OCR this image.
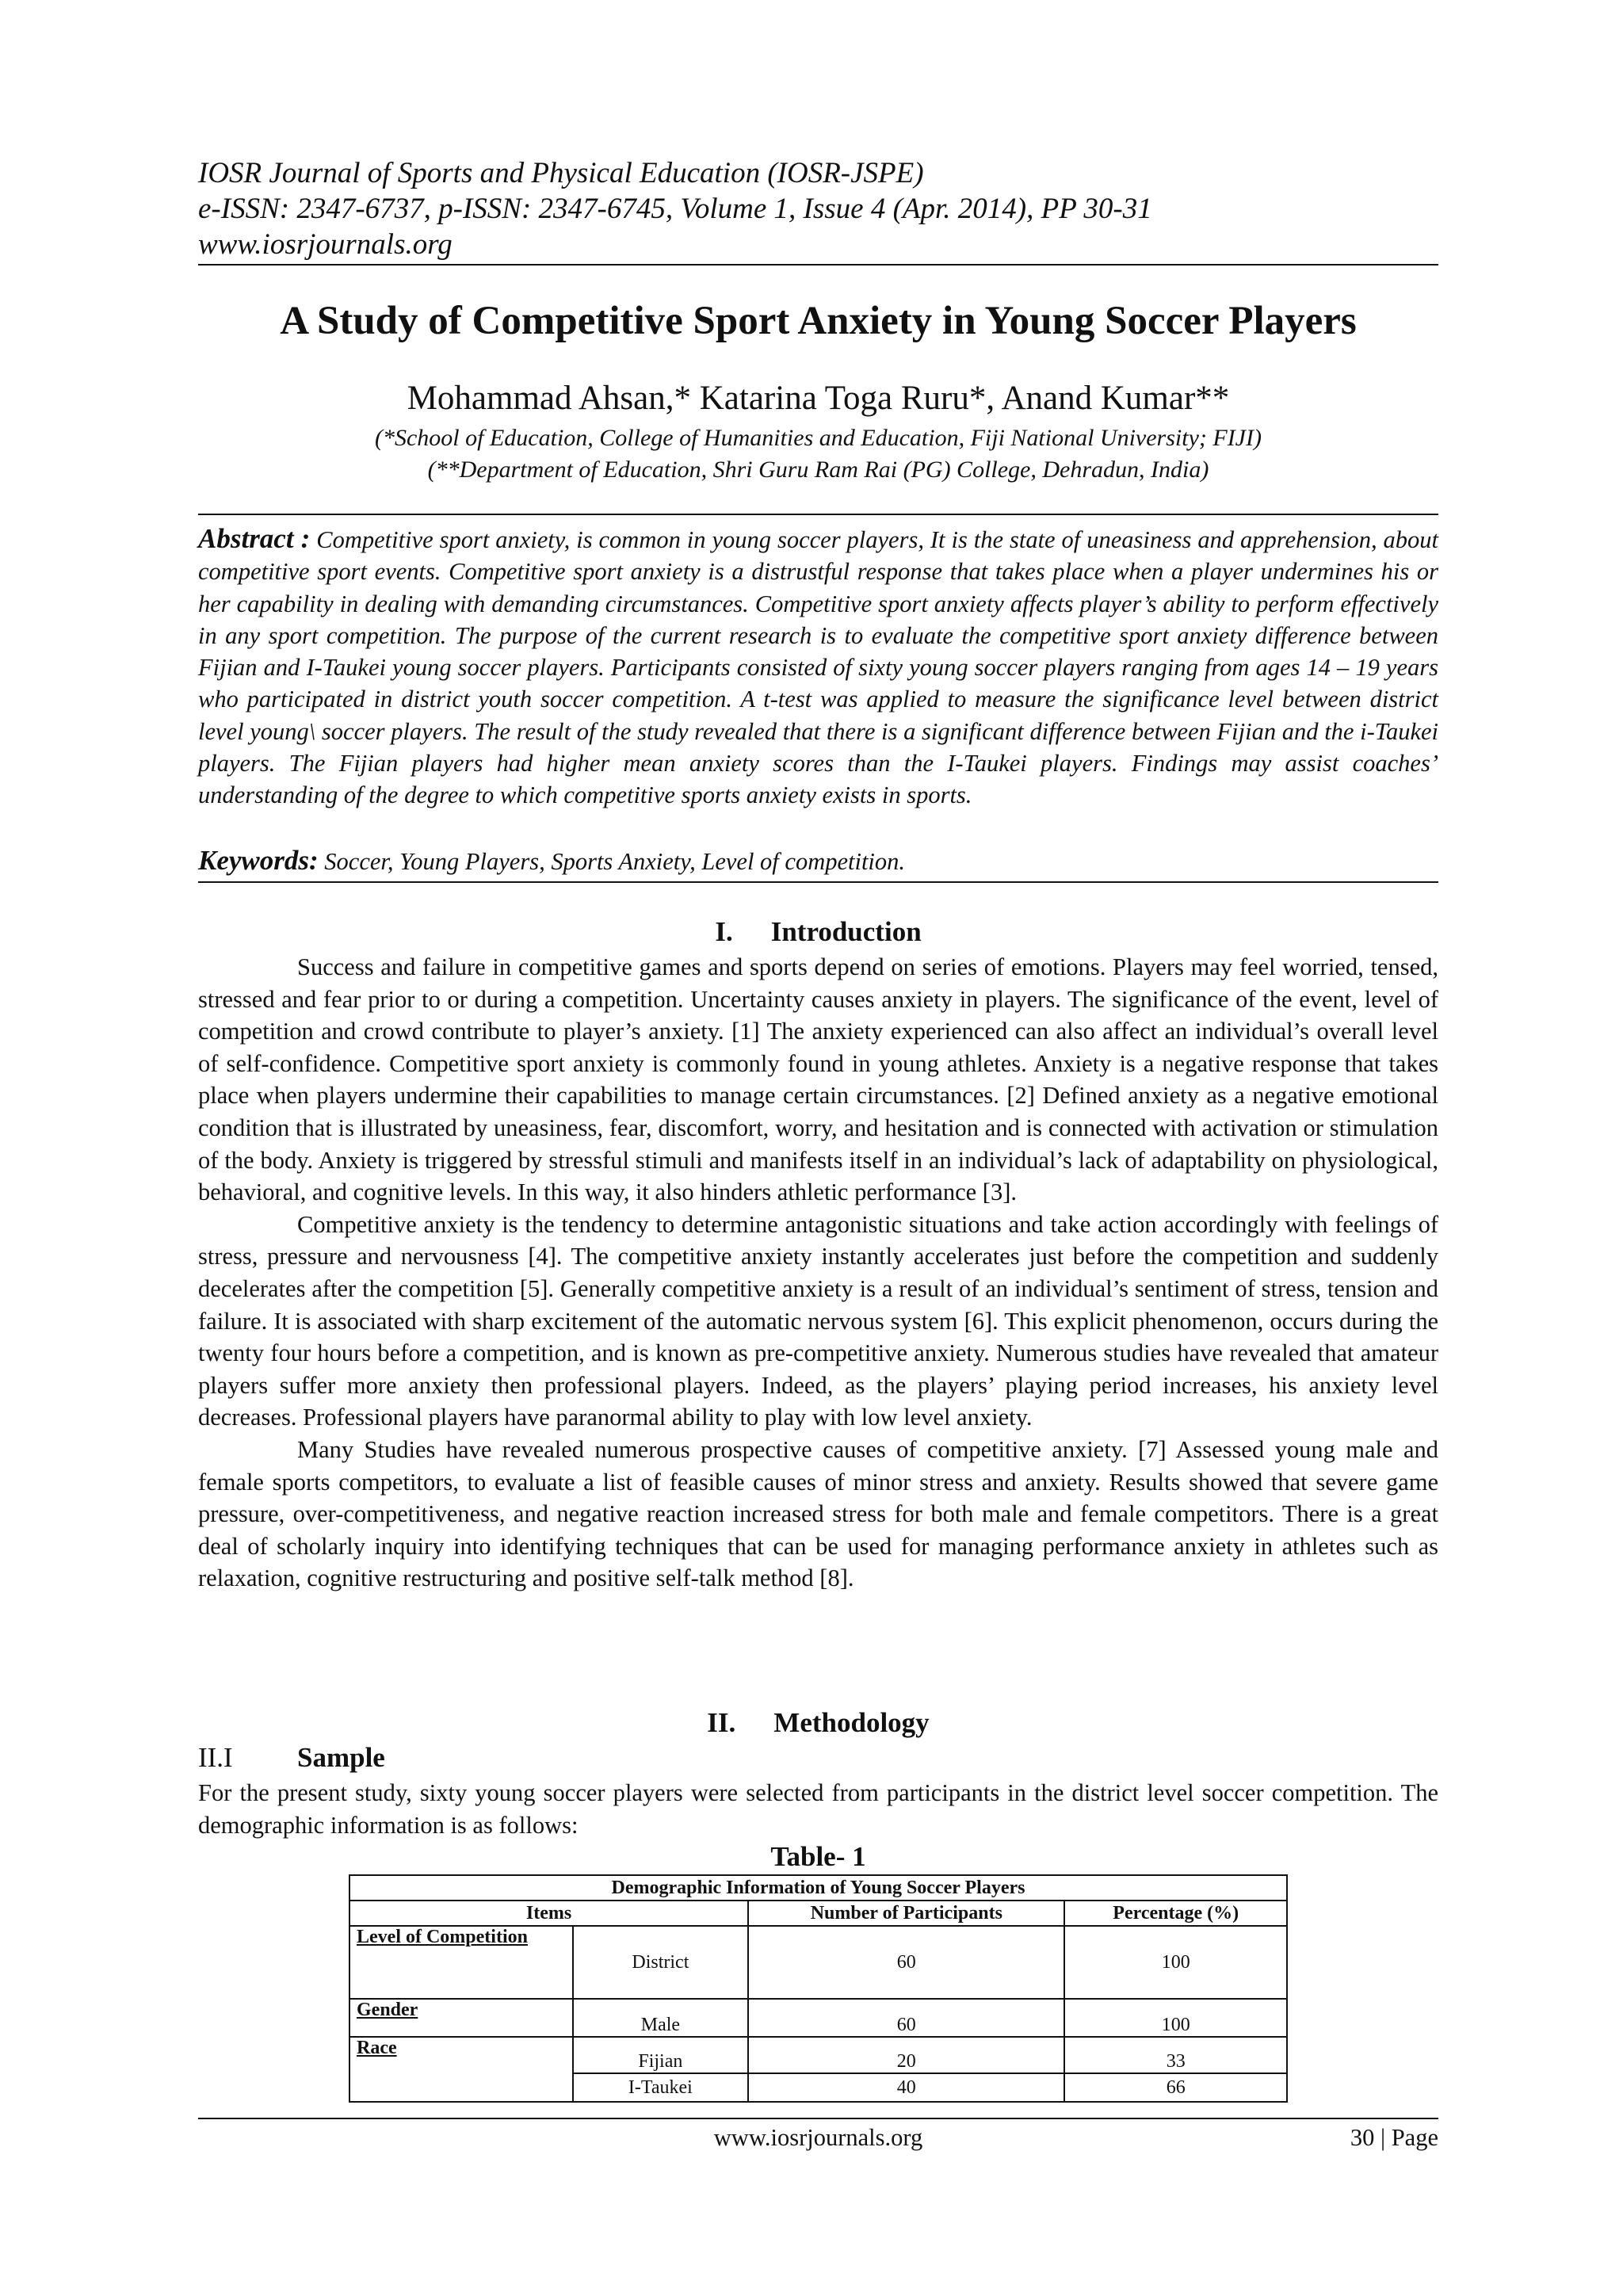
IOSR Journal of Sports and Physical Education (IOSR-JSPE)
e-ISSN: 2347-6737, p-ISSN: 2347-6745, Volume 1, Issue 4 (Apr. 2014), PP 30-31
www.iosrjournals.org
A Study of Competitive Sport Anxiety in Young Soccer Players
Mohammad Ahsan,* Katarina Toga Ruru*, Anand Kumar**
(*School of Education, College of Humanities and Education, Fiji National University; FIJI)
(**Department of Education, Shri Guru Ram Rai (PG) College, Dehradun, India)
Abstract : Competitive sport anxiety, is common in young soccer players, It is the state of uneasiness and apprehension, about competitive sport events. Competitive sport anxiety is a distrustful response that takes place when a player undermines his or her capability in dealing with demanding circumstances. Competitive sport anxiety affects player’s ability to perform effectively in any sport competition. The purpose of the current research is to evaluate the competitive sport anxiety difference between Fijian and I-Taukei young soccer players. Participants consisted of sixty young soccer players ranging from ages 14 – 19 years who participated in district youth soccer competition. A t-test was applied to measure the significance level between district level young\ soccer players. The result of the study revealed that there is a significant difference between Fijian and the i-Taukei players. The Fijian players had higher mean anxiety scores than the I-Taukei players. Findings may assist coaches’ understanding of the degree to which competitive sports anxiety exists in sports.
Keywords: Soccer, Young Players, Sports Anxiety, Level of competition.
I. Introduction

Success and failure in competitive games and sports depend on series of emotions. Players may feel worried, tensed, stressed and fear prior to or during a competition. Uncertainty causes anxiety in players. The significance of the event, level of competition and crowd contribute to player’s anxiety. [1] The anxiety experienced can also affect an individual’s overall level of self-confidence. Competitive sport anxiety is commonly found in young athletes. Anxiety is a negative response that takes place when players undermine their capabilities to manage certain circumstances. [2] Defined anxiety as a negative emotional condition that is illustrated by uneasiness, fear, discomfort, worry, and hesitation and is connected with activation or stimulation of the body. Anxiety is triggered by stressful stimuli and manifests itself in an individual’s lack of adaptability on physiological, behavioral, and cognitive levels. In this way, it also hinders athletic performance [3].

Competitive anxiety is the tendency to determine antagonistic situations and take action accordingly with feelings of stress, pressure and nervousness [4]. The competitive anxiety instantly accelerates just before the competition and suddenly decelerates after the competition [5]. Generally competitive anxiety is a result of an individual’s sentiment of stress, tension and failure. It is associated with sharp excitement of the automatic nervous system [6]. This explicit phenomenon, occurs during the twenty four hours before a competition, and is known as pre-competitive anxiety. Numerous studies have revealed that amateur players suffer more anxiety then professional players. Indeed, as the players’ playing period increases, his anxiety level decreases. Professional players have paranormal ability to play with low level anxiety.

Many Studies have revealed numerous prospective causes of competitive anxiety. [7] Assessed young male and female sports competitors, to evaluate a list of feasible causes of minor stress and anxiety. Results showed that severe game pressure, over-competitiveness, and negative reaction increased stress for both male and female competitors. There is a great deal of scholarly inquiry into identifying techniques that can be used for managing performance anxiety in athletes such as relaxation, cognitive restructuring and positive self-talk method [8].

II. Methodology
II.I Sample

For the present study, sixty young soccer players were selected from participants in the district level soccer competition. The demographic information is as follows:

Table- 1
Demographic Information of Young Soccer Players			
Items		Number of Participants	Percentage (%)
Level of Competition	District	60	100
Gender	Male	60	100
Race	Fijian	20	33
	I-Taukei	40	66
www.iosrjournals.org	30 | Page
